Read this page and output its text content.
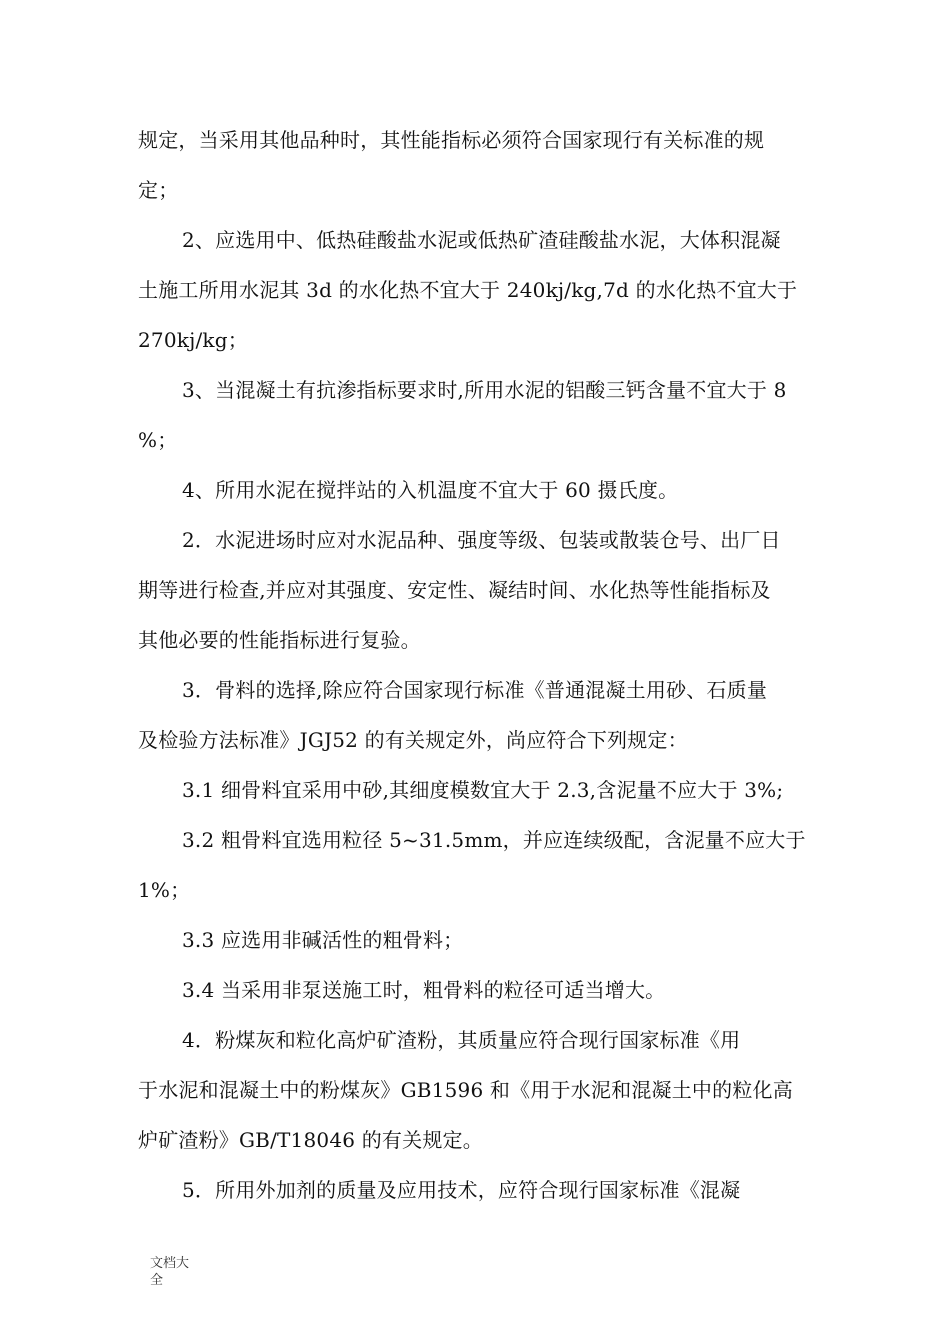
规定，当采用其他品种时，其性能指标必须符合国家现行有关标准的规
定；
2、应选用中、低热硅酸盐水泥或低热矿渣硅酸盐水泥，大体积混凝
土施工所用水泥其 3d 的水化热不宜大于 240kj/kg,7d 的水化热不宜大于
270kj/kg；
3、当混凝土有抗渗指标要求时,所用水泥的铝酸三钙含量不宜大于 8
%；
4、所用水泥在搅拌站的入机温度不宜大于 60 摄氏度。
2．水泥进场时应对水泥品种、强度等级、包装或散装仓号、出厂日
期等进行检查,并应对其强度、安定性、凝结时间、水化热等性能指标及
其他必要的性能指标进行复验。
3．骨料的选择,除应符合国家现行标准《普通混凝土用砂、石质量
及检验方法标准》JGJ52 的有关规定外，尚应符合下列规定：
3.1 细骨料宜采用中砂,其细度模数宜大于 2.3,含泥量不应大于 3%;
3.2 粗骨料宜选用粒径 5~31.5mm，并应连续级配，含泥量不应大于
1%；
3.3 应选用非碱活性的粗骨料；
3.4 当采用非泵送施工时，粗骨料的粒径可适当增大。
4．粉煤灰和粒化高炉矿渣粉，其质量应符合现行国家标准《用
于水泥和混凝土中的粉煤灰》GB1596 和《用于水泥和混凝土中的粒化高
炉矿渣粉》GB/T18046 的有关规定。
5．所用外加剂的质量及应用技术，应符合现行国家标准《混凝
文档大全
